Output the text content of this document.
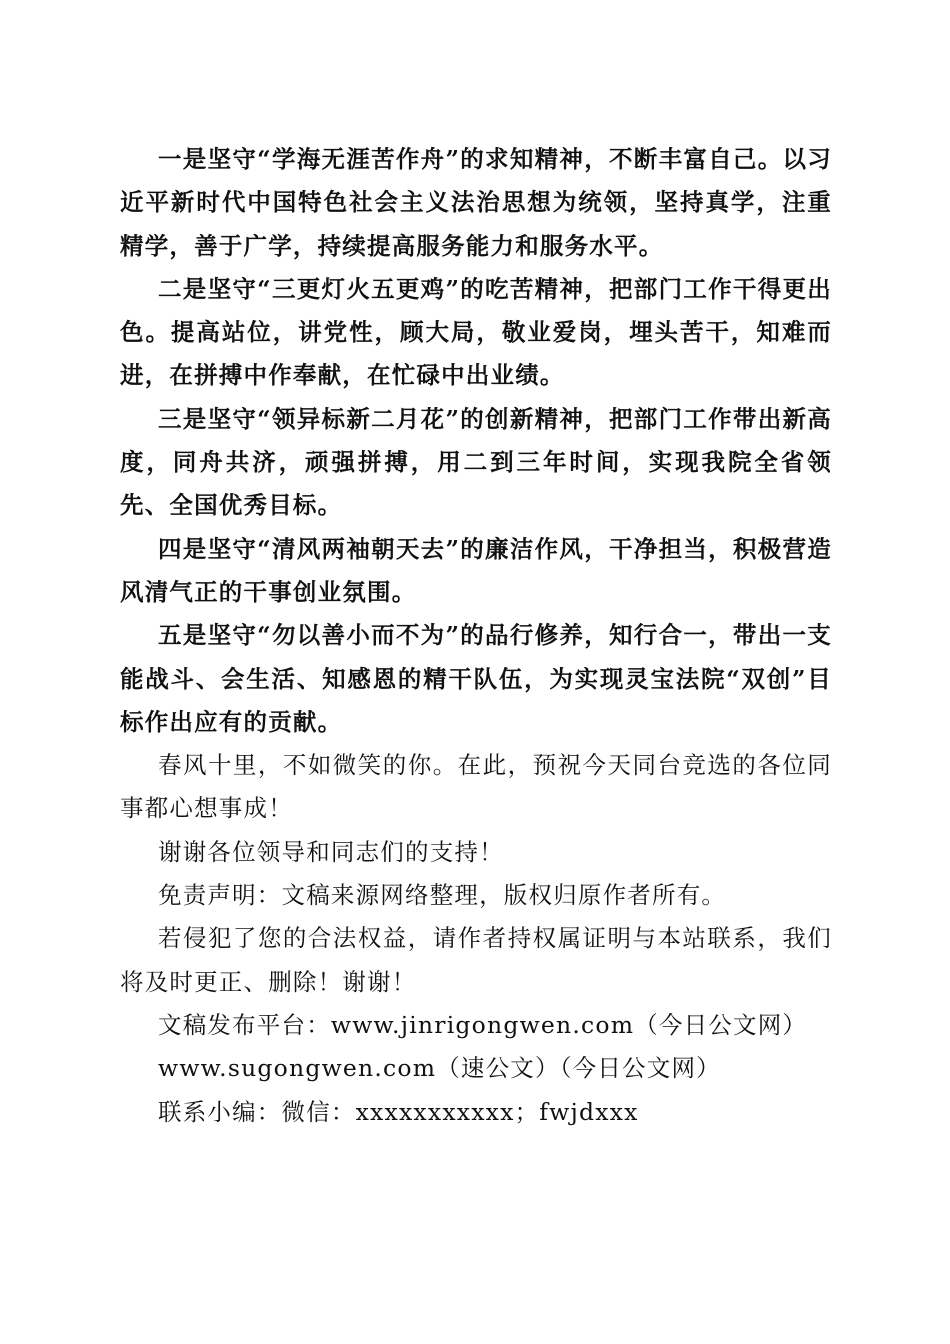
一是坚守“学海无涯苦作舟”的求知精神，不断丰富自己。以习近平新时代中国特色社会主义法治思想为统领，坚持真学，注重精学，善于广学，持续提高服务能力和服务水平。

二是坚守“三更灯火五更鸡”的吃苦精神，把部门工作干得更出色。提高站位，讲党性，顾大局，敬业爱岗，埋头苦干，知难而进，在拼搏中作奉献，在忙碌中出业绩。

三是坚守“领异标新二月花”的创新精神，把部门工作带出新高度，同舟共济，顽强拼搏，用二到三年时间，实现我院全省领先、全国优秀目标。

四是坚守“清风两袖朝天去”的廉洁作风，干净担当，积极营造风清气正的干事创业氛围。

五是坚守“勿以善小而不为”的品行修养，知行合一，带出一支能战斗、会生活、知感恩的精干队伍，为实现灵宝法院“双创”目标作出应有的贡献。

春风十里，不如微笑的你。在此，预祝今天同台竞选的各位同事都心想事成！

谢谢各位领导和同志们的支持！

免责声明：文稿来源网络整理，版权归原作者所有。

若侵犯了您的合法权益，请作者持权属证明与本站联系，我们将及时更正、删除！谢谢！

文稿发布平台：www.jinrigongwen.com（今日公文网）

www.sugongwen.com（速公文）（今日公文网）

联系小编：微信：xxxxxxxxxxx；fwjdxxx
